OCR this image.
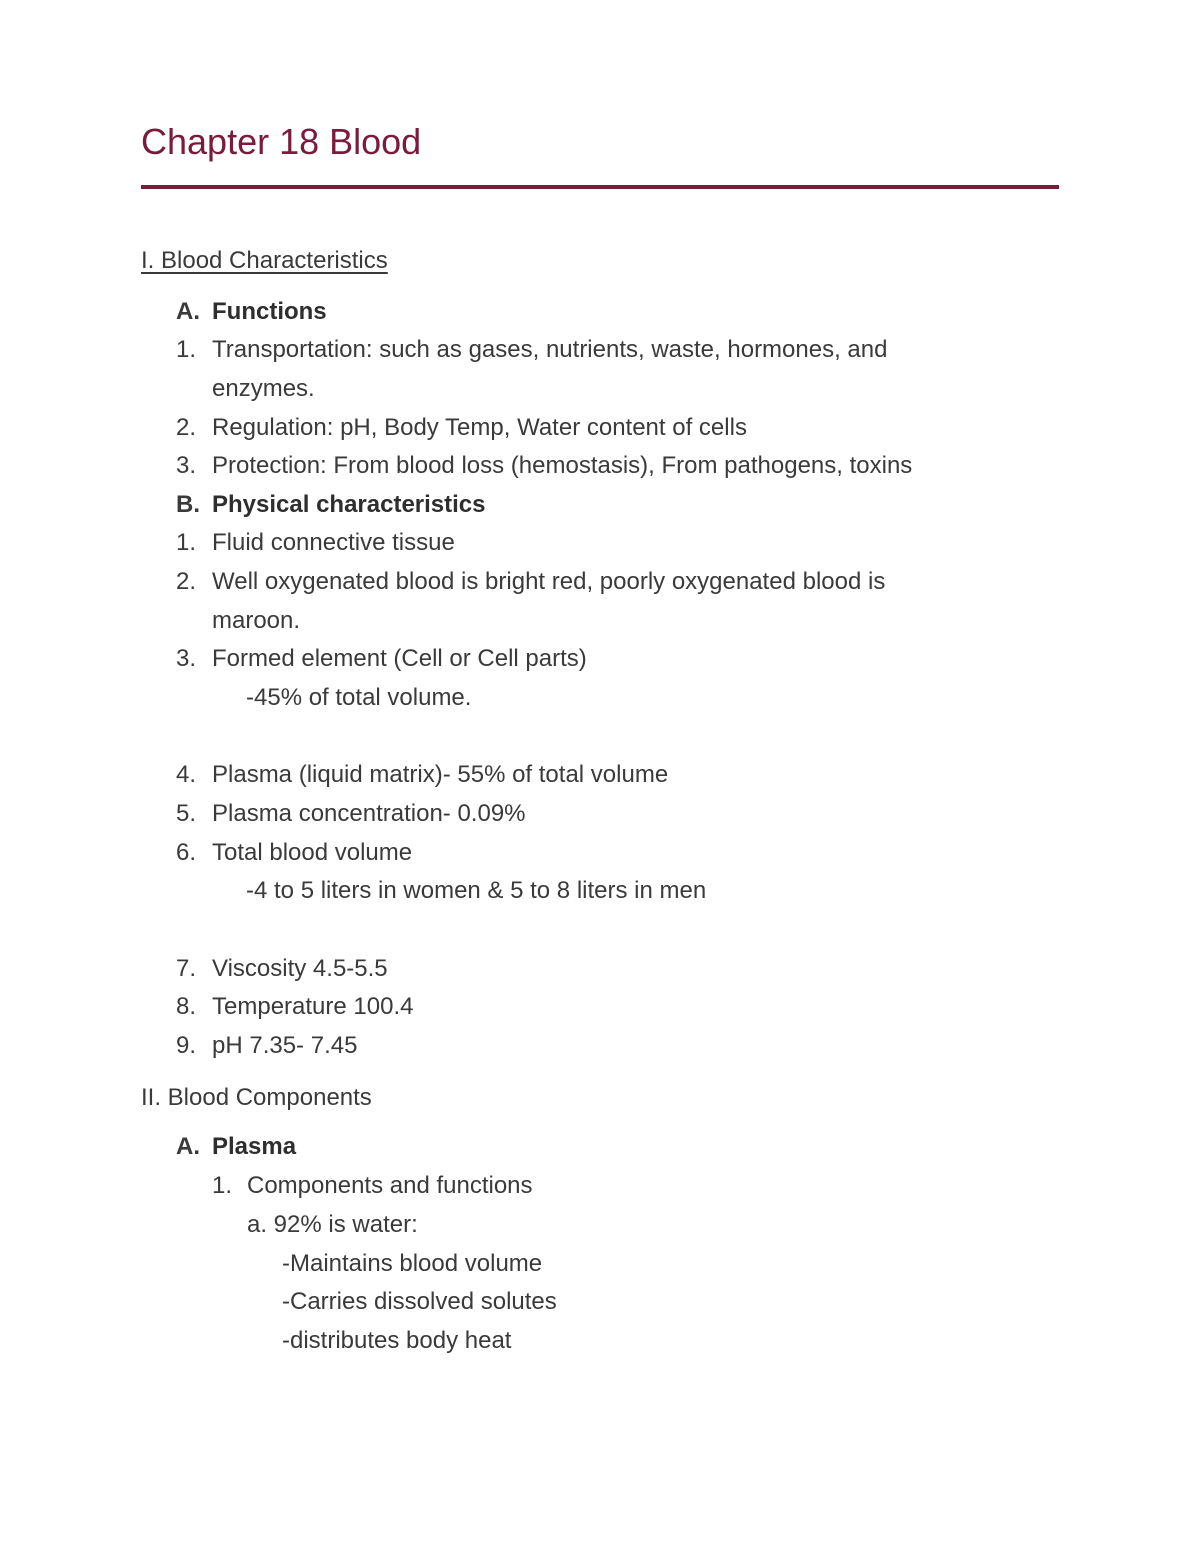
Chapter 18 Blood
I. Blood Characteristics
A. Functions
1. Transportation: such as gases, nutrients, waste, hormones, and
enzymes.
2. Regulation: pH, Body Temp, Water content of cells
3. Protection: From blood loss (hemostasis), From pathogens, toxins
B. Physical characteristics
1. Fluid connective tissue
2. Well oxygenated blood is bright red, poorly oxygenated blood is
maroon.
3. Formed element (Cell or Cell parts)
-45% of total volume.
4. Plasma (liquid matrix)- 55% of total volume
5. Plasma concentration- 0.09%
6. Total blood volume
-4 to 5 liters in women & 5 to 8 liters in men
7. Viscosity 4.5-5.5
8. Temperature 100.4
9. pH 7.35- 7.45
II. Blood Components
A. Plasma
1. Components and functions
a. 92% is water:
-Maintains blood volume
-Carries dissolved solutes
-distributes body heat
